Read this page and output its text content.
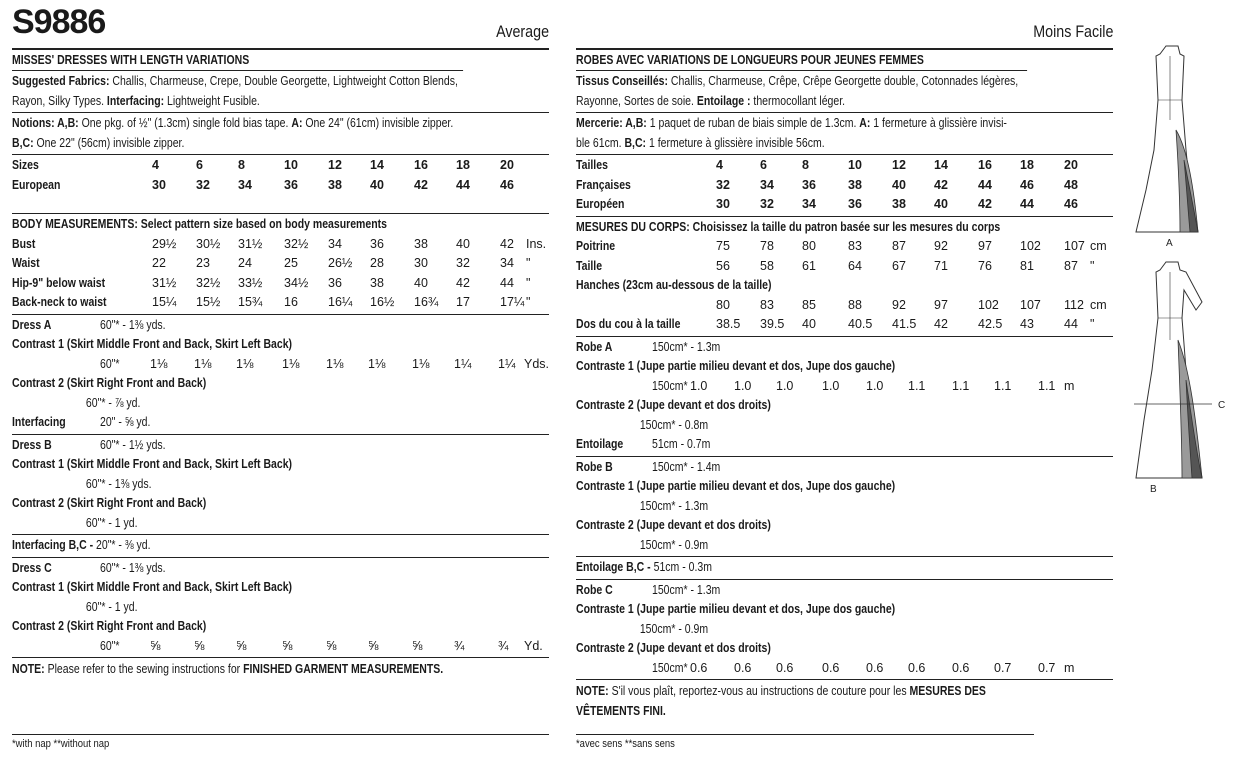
S9886	Average
MISSES' DRESSES WITH LENGTH VARIATIONS
Suggested Fabrics: Challis, Charmeuse, Crepe, Double Georgette, Lightweight Cotton Blends,
Rayon, Silky Types. Interfacing: Lightweight Fusible.
Notions: A,B: One pkg. of ½" (1.3cm) single fold bias tape. A: One 24" (61cm) invisible zipper.
B,C: One 22" (56cm) invisible zipper.
Sizes	4	6	8	10 12 14 16 18 20
European	30 32 34	36 38 40 42 44 46
BODY MEASUREMENTS: Select pattern size based on body measurements
Bust	29½ 30½ 31½ 32½ 34 36 38 40 42 Ins.
Waist	22 23 24	25 26½ 28 30 32 34 "
Hip-9" below waist	31½ 32½ 33½ 34½ 36 38 40 42 44 "
Back-neck to waist	15¼ 15½ 15¾ 16 16¼ 16½ 16¾ 17 17¼ "
Dress A	60"* - 1⅜ yds.
Contrast 1 (Skirt Middle Front and Back, Skirt Left Back)
60"* 1⅛ 1⅛ 1⅛ 1⅛ 1⅛ 1⅛ 1⅛ 1¼ 1¼ Yds.
Contrast 2 (Skirt Right Front and Back)
60"* - ⅞ yd.
Interfacing	20" - ⅝ yd.
Dress B	60"* - 1½ yds.
Contrast 1 (Skirt Middle Front and Back, Skirt Left Back)
60"* - 1⅜ yds.
Contrast 2 (Skirt Right Front and Back)
60"* - 1 yd.
Interfacing B,C - 20"* - ⅜ yd.
Dress C	60"* - 1⅜ yds.
Contrast 1 (Skirt Middle Front and Back, Skirt Left Back)
60"* - 1 yd.
Contrast 2 (Skirt Right Front and Back)
60"* ⅝	⅝	⅝	⅝	⅝	⅝	⅝	¾	¾ Yd.
NOTE: Please refer to the sewing instructions for FINISHED GARMENT MEASUREMENTS.
Moins Facile
ROBES AVEC VARIATIONS DE LONGUEURS POUR JEUNES FEMMES
Tissus Conseillés: Challis, Charmeuse, Crêpe, Crêpe Georgette double, Cotonnades légères,
Rayonne, Sortes de soie. Entoilage : thermocollant léger.
Mercerie: A,B: 1 paquet de ruban de biais simple de 1.3cm. A: 1 fermeture à glissière invisi-
ble 61cm. B,C: 1 fermeture à glissière invisible 56cm.
Tailles	4	6	8	10 12 14 16 18 20
Françaises	32 34 36	38 40 42 44 46 48
Européen	30 32 34	36 38 40 42 44 46
MESURES DU CORPS: Choisissez la taille du patron basée sur les mesures du corps
Poitrine	75 78 80	83 87 92 97 102 107 cm
Taille	56 58 61	64 67 71 76 81 87 "
Hanches (23cm au-dessous de la taille)
80 83 85	88 92 97 102 107 112 cm
Dos du cou à la taille	38.5 39.5 40	40.5 41.5 42 42.5 43 44 "
Robe A	150cm* - 1.3m
Contraste 1 (Jupe partie milieu devant et dos, Jupe dos gauche)
150cm* 1.0 1.0 1.0 1.0 1.0 1.1 1.1 1.1 1.1 m
Contraste 2 (Jupe devant et dos droits)
150cm* - 0.8m
Entoilage 51cm - 0.7m
Robe B	150cm* - 1.4m
Contraste 1 (Jupe partie milieu devant et dos, Jupe dos gauche)
150cm* - 1.3m
Contraste 2 (Jupe devant et dos droits)
150cm* - 0.9m
Entoilage B,C - 51cm - 0.3m
Robe C	150cm* - 1.3m
Contraste 1 (Jupe partie milieu devant et dos, Jupe dos gauche)
150cm* - 0.9m
Contraste 2 (Jupe devant et dos droits)
150cm* 0.6 0.6 0.6 0.6 0.6 0.6 0.6 0.7 0.7 m
NOTE: S'il vous plaît, reportez-vous au instructions de couture pour les MESURES DES
VÊTEMENTS FINI.
*with nap **without nap	*avec sens **sans sens
A
C
B
